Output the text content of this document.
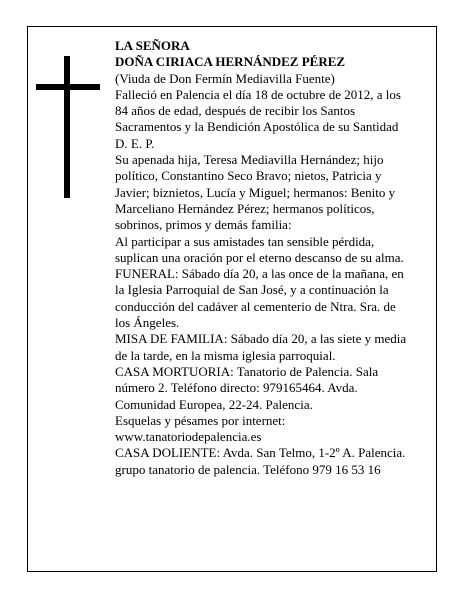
LA SEÑORA

DOÑA CIRIACA HERNÁNDEZ PÉREZ

(Viuda de Don Fermín Mediavilla Fuente)

Falleció en Palencia el día 18 de octubre de 2012, a los 84 años de edad, después de recibir los Santos Sacramentos y la Bendición Apostólica de su Santidad D. E. P.

Su apenada hija, Teresa Mediavilla Hernández; hijo político, Constantino Seco Bravo; nietos, Patricia y Javier; biznietos, Lucía y Miguel; hermanos: Benito y Marceliano Hernández Pérez; hermanos políticos, sobrinos, primos y demás familia:

Al participar a sus amistades tan sensible pérdida, suplican una oración por el eterno descanso de su alma.

FUNERAL: Sábado día 20, a las once de la mañana, en la Iglesia Parroquial de San José, y a continuación la conducción del cadáver al cementerio de Ntra. Sra. de los Ángeles.

MISA DE FAMILIA: Sábado día 20, a las siete y media de la tarde, en la misma iglesia parroquial.

CASA MORTUORIA: Tanatorio de Palencia. Sala número 2. Teléfono directo: 979165464. Avda. Comunidad Europea, 22-24. Palencia.

Esquelas y pésames por internet:

www.tanatoriodepalencia.es

CASA DOLIENTE: Avda. San Telmo, 1-2º A. Palencia.

grupo tanatorio de palencia. Teléfono 979 16 53 16
